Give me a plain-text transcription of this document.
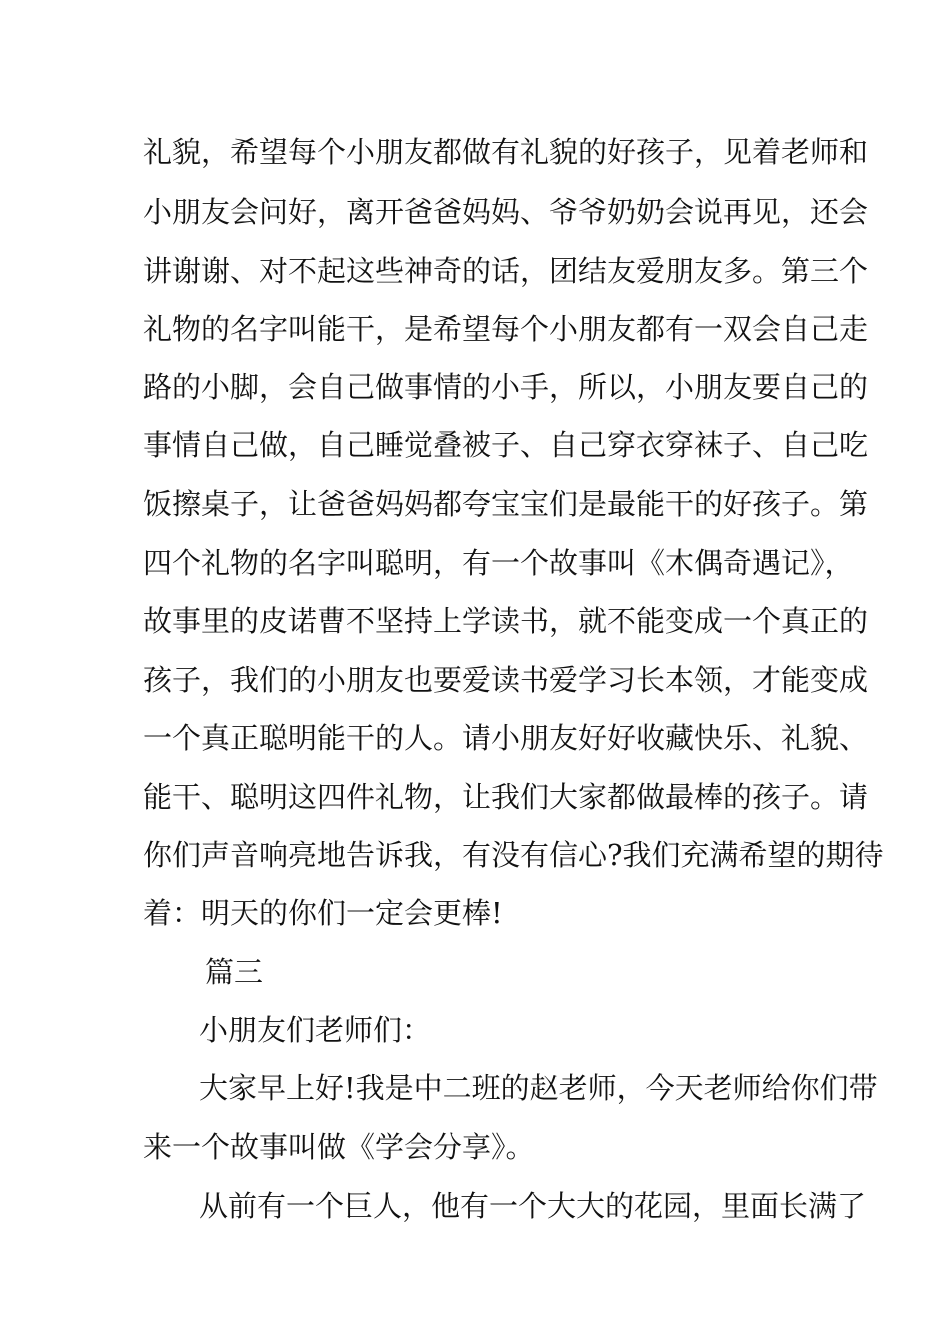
礼貌，希望每个小朋友都做有礼貌的好孩子，见着老师和
小朋友会问好，离开爸爸妈妈、爷爷奶奶会说再见，还会
讲谢谢、对不起这些神奇的话，团结友爱朋友多。第三个
礼物的名字叫能干，是希望每个小朋友都有一双会自己走
路的小脚，会自己做事情的小手，所以，小朋友要自己的
事情自己做，自己睡觉叠被子、自己穿衣穿袜子、自己吃
饭擦桌子，让爸爸妈妈都夸宝宝们是最能干的好孩子。第
四个礼物的名字叫聪明，有一个故事叫《木偶奇遇记》，
故事里的皮诺曹不坚持上学读书，就不能变成一个真正的
孩子，我们的小朋友也要爱读书爱学习长本领，才能变成
一个真正聪明能干的人。请小朋友好好收藏快乐、礼貌、
能干、聪明这四件礼物，让我们大家都做最棒的孩子。请
你们声音响亮地告诉我，有没有信心?我们充满希望的期待
着：明天的你们一定会更棒!
篇三
小朋友们老师们：
大家早上好!我是中二班的赵老师，今天老师给你们带
来一个故事叫做《学会分享》。
从前有一个巨人，他有一个大大的花园，里面长满了
